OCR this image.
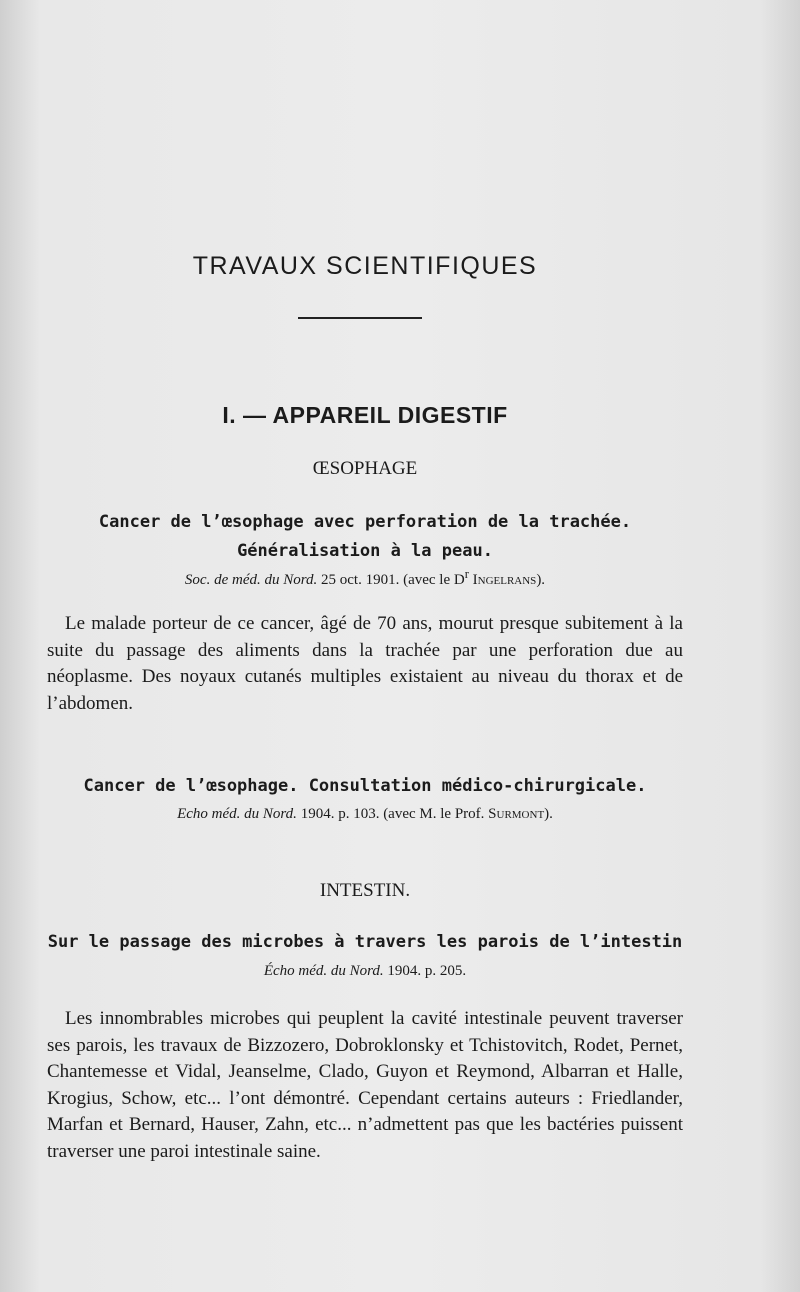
TRAVAUX SCIENTIFIQUES
I. — APPAREIL DIGESTIF
ŒSOPHAGE
Cancer de l’œsophage avec perforation de la trachée.
Généralisation à la peau.

Soc. de méd. du Nord. 25 oct. 1901. (avec le $D^r$ Ingelrans).

Le malade porteur de ce cancer, âgé de 70 ans, mourut presque subitement à la suite du passage des aliments dans la trachée par une perforation due au néoplasme. Des noyaux cutanés multiples existaient au niveau du thorax et de l’abdomen.

Cancer de l’œsophage. Consultation médico-chirurgicale.

Echo méd. du Nord. 1904. p. 103. (avec M. le Prof. Surmont).

INTESTIN.
Sur le passage des microbes à travers les parois de l’intestin

Écho méd. du Nord. 1904. p. 205.

Les innombrables microbes qui peuplent la cavité intestinale peuvent traverser ses parois, les travaux de Bizzozero, Dobroklonsky et Tchistovitch, Rodet, Pernet, Chantemesse et Vidal, Jeanselme, Clado, Guyon et Reymond, Albarran et Halle, Krogius, Schow, etc... l’ont démontré. Cependant certains auteurs : Friedlander, Marfan et Bernard, Hauser, Zahn, etc... n’admettent pas que les bactéries puissent traverser une paroi intestinale saine.
